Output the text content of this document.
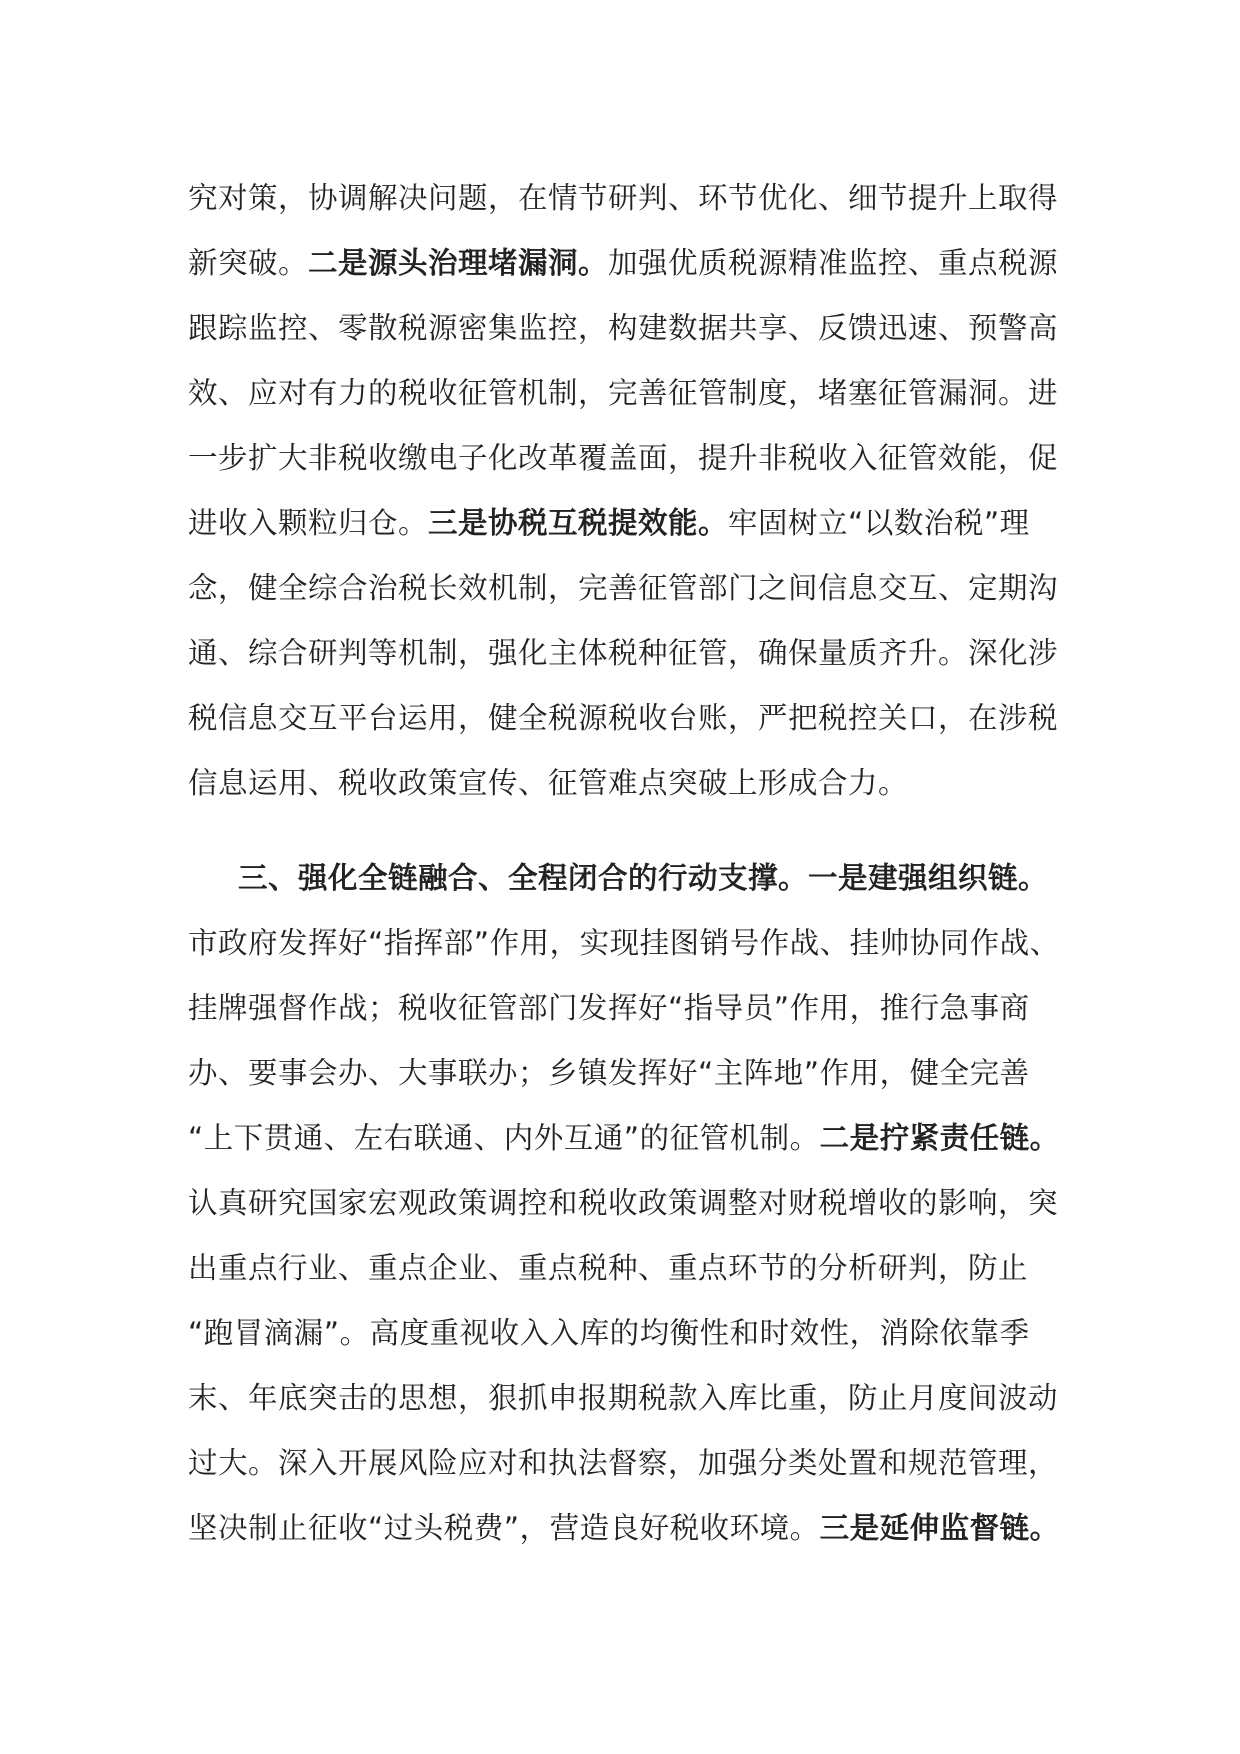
究对策，协调解决问题，在情节研判、环节优化、细节提升上取得
新突破。二是源头治理堵漏洞。加强优质税源精准监控、重点税源
跟踪监控、零散税源密集监控，构建数据共享、反馈迅速、预警高
效、应对有力的税收征管机制，完善征管制度，堵塞征管漏洞。进
一步扩大非税收缴电子化改革覆盖面，提升非税收入征管效能，促
进收入颗粒归仓。三是协税互税提效能。牢固树立“以数治税”理
念，健全综合治税长效机制，完善征管部门之间信息交互、定期沟
通、综合研判等机制，强化主体税种征管，确保量质齐升。深化涉
税信息交互平台运用，健全税源税收台账，严把税控关口，在涉税
信息运用、税收政策宣传、征管难点突破上形成合力。
三、强化全链融合、全程闭合的行动支撑。一是建强组织链。
市政府发挥好“指挥部”作用，实现挂图销号作战、挂帅协同作战、
挂牌强督作战；税收征管部门发挥好“指导员”作用，推行急事商
办、要事会办、大事联办；乡镇发挥好“主阵地”作用，健全完善
“上下贯通、左右联通、内外互通”的征管机制。二是拧紧责任链。
认真研究国家宏观政策调控和税收政策调整对财税增收的影响，突
出重点行业、重点企业、重点税种、重点环节的分析研判，防止
“跑冒滴漏”。高度重视收入入库的均衡性和时效性，消除依靠季
末、年底突击的思想，狠抓申报期税款入库比重，防止月度间波动
过大。深入开展风险应对和执法督察，加强分类处置和规范管理，
坚决制止征收“过头税费”，营造良好税收环境。三是延伸监督链。
